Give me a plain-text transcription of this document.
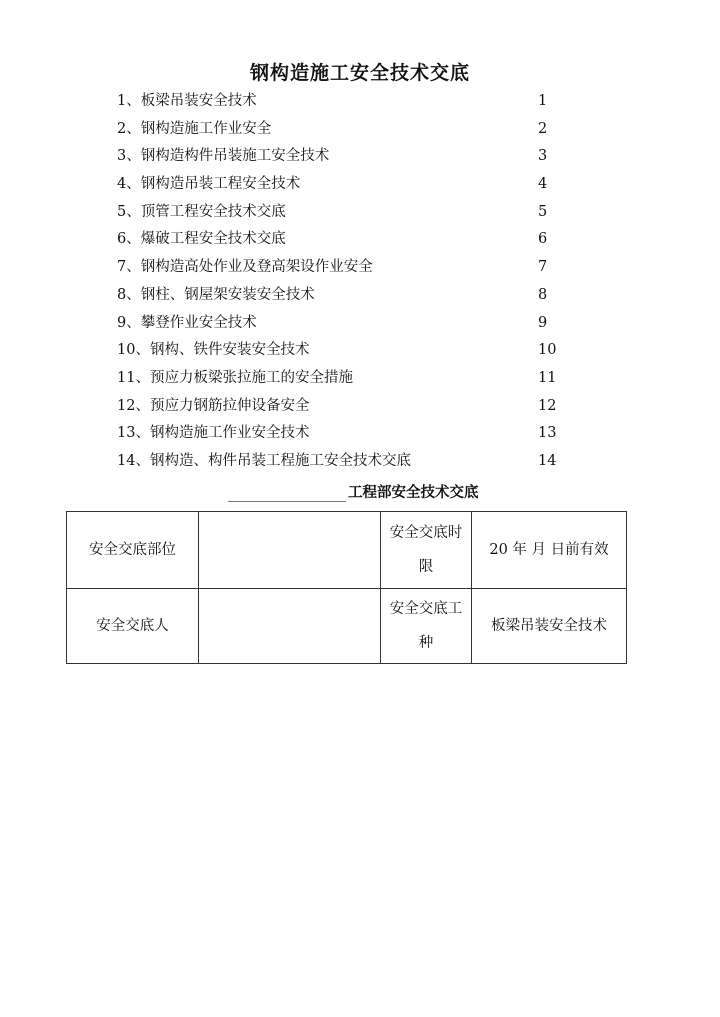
钢构造施工安全技术交底
1、板梁吊装安全技术	1
2、钢构造施工作业安全	2
3、钢构造构件吊装施工安全技术	3
4、钢构造吊装工程安全技术	4
5、顶管工程安全技术交底	5
6、爆破工程安全技术交底	6
7、钢构造高处作业及登高架设作业安全	7
8、钢柱、钢屋架安装安全技术	8
9、攀登作业安全技术	9
10、钢构、铁件安装安全技术	10
11、预应力板梁张拉施工的安全措施	11
12、预应力钢筋拉伸设备安全	12
13、钢构造施工作业安全技术	13
14、钢构造、构件吊装工程施工安全技术交底	14
工程部安全技术交底
安全交底部位		安全交底时限	20 年 月 日前有效
安全交底人		安全交底工种	板梁吊装安全技术
